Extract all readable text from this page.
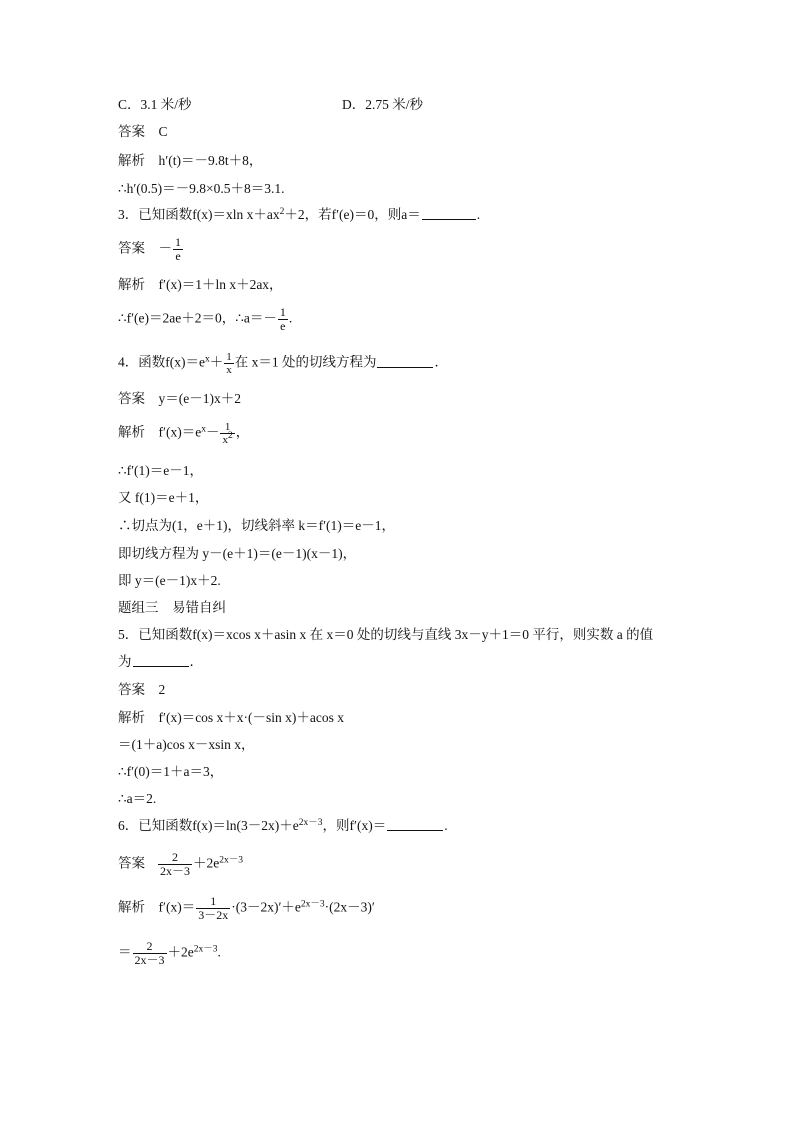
C．3.1 米/秒	D．2.75 米/秒
答案　C
解析　h′(t)＝－9.8t＋8，
∴h′(0.5)＝－9.8×0.5＋8＝3.1.
3．已知函数f(x)＝xln $x+ax^2+2$，若f′(e)＝0，则a＝	.
答案　－ $\frac{1}{e}$
解析　f′(x)＝1＋ln x＋2ax，
∴f′(e)＝2ae＋2＝0，∴a＝－ $\frac{1}{e}$ .
4．函数$f(x)=e^x+ \frac{1}{x}$ 在 x＝1 处的切线方程为	．
答案　y＝(e－1)x＋2
解析　$f'(x)=e^x- \frac{1}{x2}$ ，
∴f′(1)＝e－1，
又 f(1)＝e＋1，
∴切点为(1，e＋1)，切线斜率 k＝f′(1)＝e－1，
即切线方程为 y－(e＋1)＝(e－1)(x－1)，
即 y＝(e－1)x＋2.
题组三　易错自纠
5．已知函数f(x)＝xcos x＋asin x 在 x＝0 处的切线与直线 3x－y＋1＝0 平行，则实数 a 的值
为	．
答案　2
解析　f′(x)＝cos x＋x·(－sin x)＋acos x
＝(1＋a)cos x－xsin x，
∴f′(0)＝1＋a＝3，
∴a＝2.
6．已知函数$f(x)=\ln(3-2x)+e^{2x-3}$，则f′(x)＝	.
答案 $\frac{2}{2x-3} +2e^{2x-3}$
解析　$f'(x)= \frac{1}{3-2x} \cdot(3-2x)'+e^{2x-3}\cdot(2x-3)'$
＝ $\frac{2}{2x-3} +2e^{2x-3}$.
